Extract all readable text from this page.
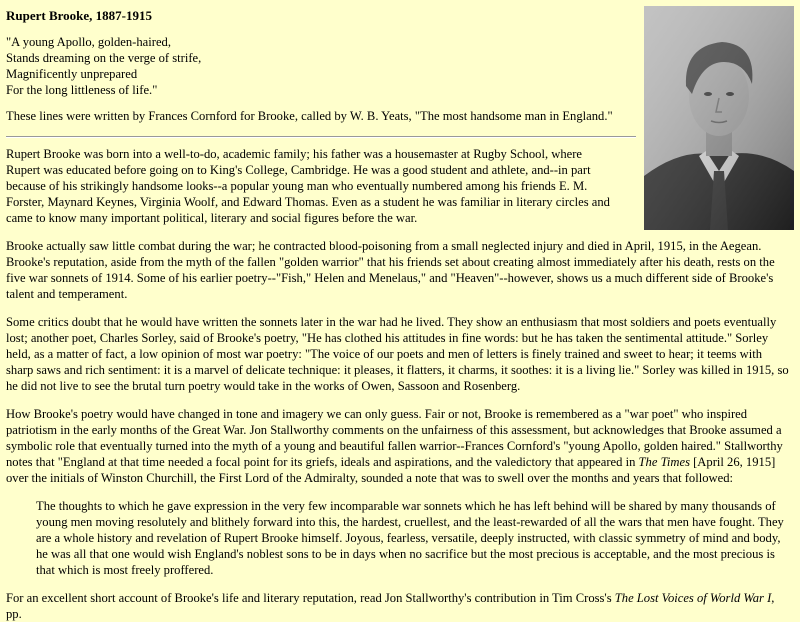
Rupert Brooke, 1887-1915
"A young Apollo, golden-haired,
Stands dreaming on the verge of strife,
Magnificently unprepared
For the long littleness of life."

These lines were written by Frances Cornford for Brooke, called by W. B. Yeats, "The most handsome man in England."

Rupert Brooke was born into a well-to-do, academic family; his father was a housemaster at Rugby School, where Rupert was educated before going on to King's College, Cambridge. He was a good student and athlete, and--in part because of his strikingly handsome looks--a popular young man who eventually numbered among his friends E. M. Forster, Maynard Keynes, Virginia Woolf, and Edward Thomas. Even as a student he was familiar in literary circles and came to know many important political, literary and social figures before the war.

Brooke actually saw little combat during the war; he contracted blood-poisoning from a small neglected injury and died in April, 1915, in the Aegean. Brooke's reputation, aside from the myth of the fallen "golden warrior" that his friends set about creating almost immediately after his death, rests on the five war sonnets of 1914. Some of his earlier poetry--"Fish," Helen and Menelaus," and "Heaven"--however, shows us a much different side of Brooke's talent and temperament.

Some critics doubt that he would have written the sonnets later in the war had he lived. They show an enthusiasm that most soldiers and poets eventually lost; another poet, Charles Sorley, said of Brooke's poetry, "He has clothed his attitudes in fine words: but he has taken the sentimental attitude." Sorley held, as a matter of fact, a low opinion of most war poetry: "The voice of our poets and men of letters is finely trained and sweet to hear; it teems with sharp saws and rich sentiment: it is a marvel of delicate technique: it pleases, it flatters, it charms, it soothes: it is a living lie." Sorley was killed in 1915, so he did not live to see the brutal turn poetry would take in the works of Owen, Sassoon and Rosenberg.

How Brooke's poetry would have changed in tone and imagery we can only guess. Fair or not, Brooke is remembered as a "war poet" who inspired patriotism in the early months of the Great War. Jon Stallworthy comments on the unfairness of this assessment, but acknowledges that Brooke assumed a symbolic role that eventually turned into the myth of a young and beautiful fallen warrior--Frances Cornford's "young Apollo, golden haired." Stallworthy notes that "England at that time needed a focal point for its griefs, ideals and aspirations, and the valedictory that appeared in The Times [April 26, 1915] over the initials of Winston Churchill, the First Lord of the Admiralty, sounded a note that was to swell over the months and years that followed:

The thoughts to which he gave expression in the very few incomparable war sonnets which he has left behind will be shared by many thousands of young men moving resolutely and blithely forward into this, the hardest, cruellest, and the least-rewarded of all the wars that men have fought. They are a whole history and revelation of Rupert Brooke himself. Joyous, fearless, versatile, deeply instructed, with classic symmetry of mind and body, he was all that one would wish England's noblest sons to be in days when no sacrifice but the most precious is acceptable, and the most precious is that which is most freely proffered.

For an excellent short account of Brooke's life and literary reputation, read Jon Stallworthy's contribution in Tim Cross's The Lost Voices of World War I, pp.
